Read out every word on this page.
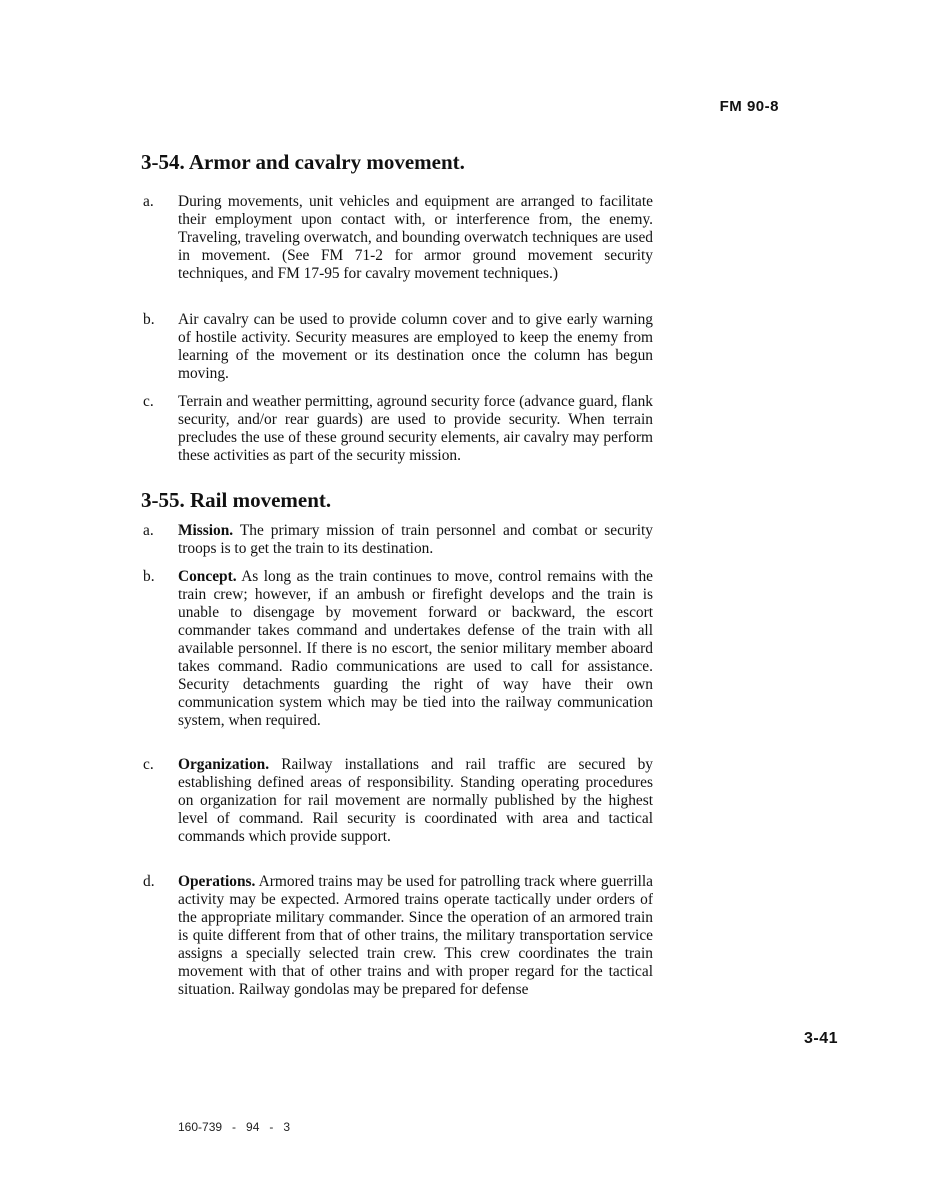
FM 90-8
3-54. Armor and cavalry movement.
a. During movements, unit vehicles and equipment are arranged to facilitate their employment upon contact with, or interference from, the enemy. Traveling, traveling overwatch, and bounding overwatch techniques are used in movement. (See FM 71-2 for armor ground movement security techniques, and FM 17-95 for cavalry movement techniques.)
b. Air cavalry can be used to provide column cover and to give early warning of hostile activity. Security measures are employed to keep the enemy from learning of the movement or its destination once the column has begun moving.
c. Terrain and weather permitting, aground security force (advance guard, flank security, and/or rear guards) are used to provide security. When terrain precludes the use of these ground security elements, air cavalry may perform these activities as part of the security mission.
3-55. Rail movement.
a. Mission. The primary mission of train personnel and combat or security troops is to get the train to its destination.
b. Concept. As long as the train continues to move, control remains with the train crew; however, if an ambush or firefight develops and the train is unable to disengage by movement forward or backward, the escort commander takes command and undertakes defense of the train with all available personnel. If there is no escort, the senior military member aboard takes command. Radio communications are used to call for assistance. Security detachments guarding the right of way have their own communication system which may be tied into the railway communication system, when required.
c. Organization. Railway installations and rail traffic are secured by establishing defined areas of responsibility. Standing operating procedures on organization for rail movement are normally published by the highest level of command. Rail security is coordinated with area and tactical commands which provide support.
d. Operations. Armored trains may be used for patrolling track where guerrilla activity may be expected. Armored trains operate tactically under orders of the appropriate military commander. Since the operation of an armored train is quite different from that of other trains, the military transportation service assigns a specially selected train crew. This crew coordinates the train movement with that of other trains and with proper regard for the tactical situation. Railway gondolas may be prepared for defense
3-41
160-739   -   94   -   3
